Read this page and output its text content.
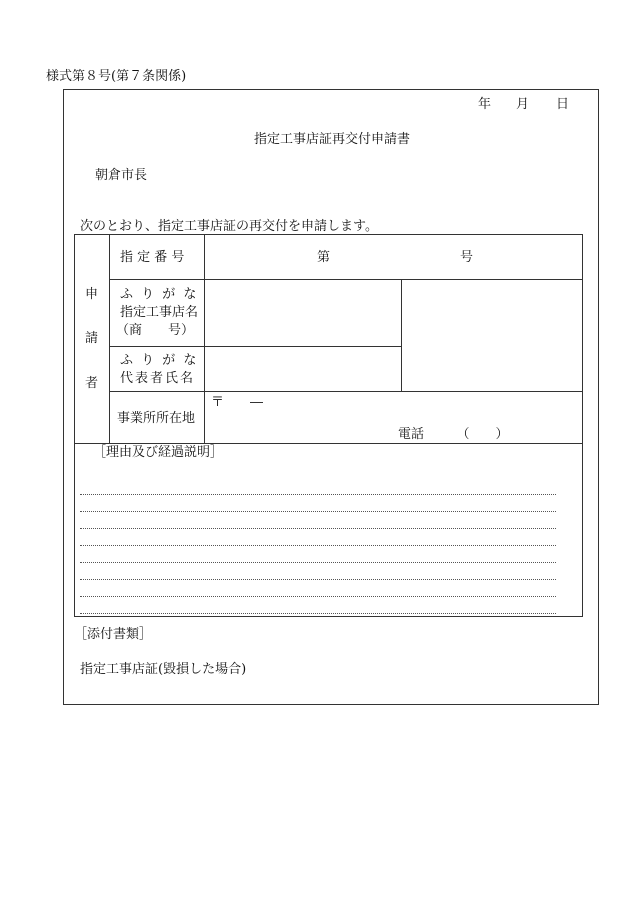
様式第８号(第７条関係)
年 月 日
指定工事店証再交付申請書
朝倉市長
次のとおり、指定工事店証の再交付を申請します。
申
請
者
指 定 番 号	第	号
ふ り が な
指定工事店名
（商　　号）
ふ り が な
代表者氏名
事業所所在地
〒　　―
電話　　　（　　）
［理由及び経過説明］
［添付書類］
指定工事店証(毀損した場合)
